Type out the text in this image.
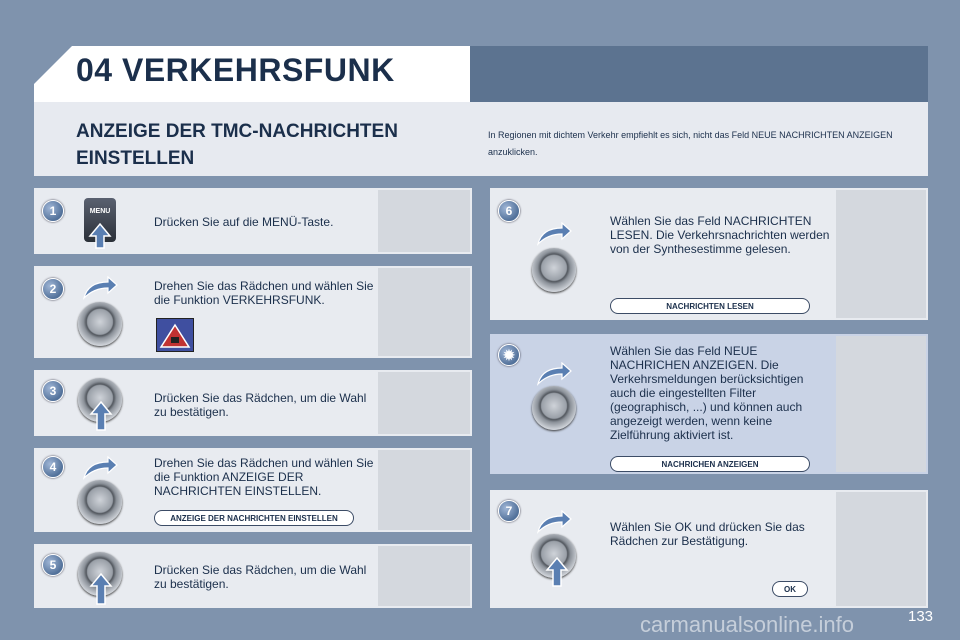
04 VERKEHRSFUNK
ANZEIGE DER TMC-NACHRICHTEN EINSTELLEN
In Regionen mit dichtem Verkehr empfiehlt es sich, nicht das Feld NEUE NACHRICHTEN ANZEIGEN anzuklicken.
1	MENU
Drücken Sie auf die MENÜ-Taste.
2	Drehen Sie das Rädchen und wählen Sie die Funktion VERKEHRSFUNK.
3	Drücken Sie das Rädchen, um die Wahl zu bestätigen.
4	Drehen Sie das Rädchen und wählen Sie die Funktion ANZEIGE DER NACHRICHTEN EINSTELLEN.
ANZEIGE DER NACHRICHTEN EINSTELLEN
5	Drücken Sie das Rädchen, um die Wahl zu bestätigen.
6
Wählen Sie das Feld NACHRICHTEN LESEN. Die Verkehrsnachrichten werden von der Synthesestimme gelesen.
NACHRICHTEN LESEN
✹	Wählen Sie das Feld NEUE NACHRICHEN ANZEIGEN. Die Verkehrsmeldungen berücksichtigen auch die eingestellten Filter (geographisch, ...) und können auch angezeigt werden, wenn keine Zielführung aktiviert ist.
NACHRICHEN ANZEIGEN
7
Wählen Sie OK und drücken Sie das Rädchen zur Bestätigung.
OK
carmanualsonline.info	133
